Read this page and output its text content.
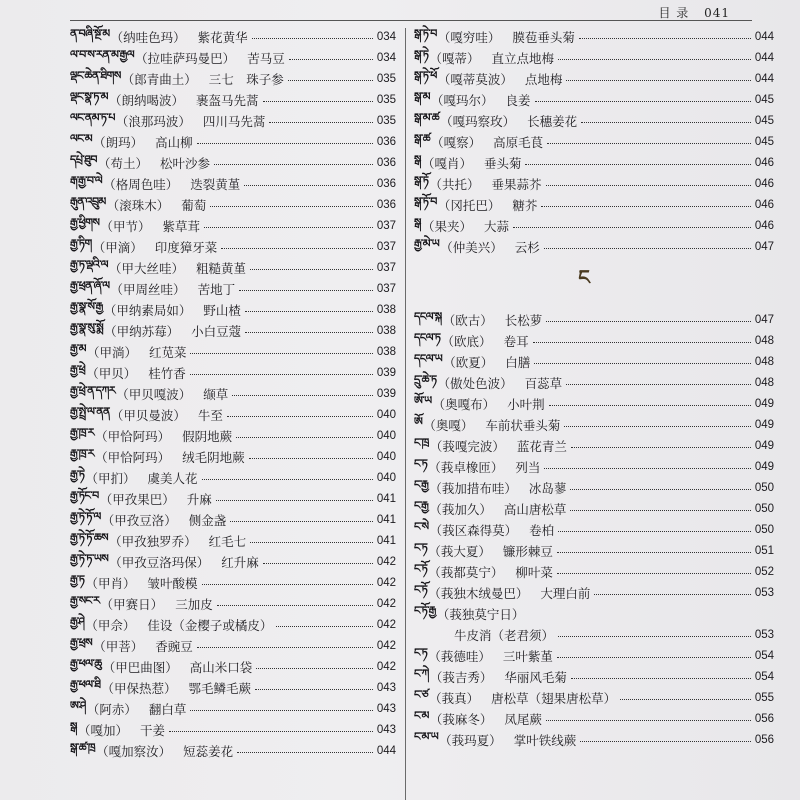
目 录 041
ན་བཞི་སྔོ་མ （纳哇色玛） 紫花黄华	034
ལ་བ་ས་རན་མ་རྒྱལ （拉哇萨玛曼巴） 苦马豆	034
ལྡང་ཆེན་ཐིགས （郎青曲土） 三七　珠子参	035
ལྡང་སྣ་ཏ་མ （朗纳喝波） 裹盔马先蒿	035
ལང་ནམ་ཏ་པ （浪那玛波） 四川马先蒿	035
ལང་མ （朗玛） 高山柳	036
དཔྲེ་ཐུབ （苟土） 松叶沙参	036
རྒ་རྒྱ་བ་ལེ （格周色哇） 迭裂黄堇	036
རྒུན་འབྲུམ （滚珠木） 葡萄	036
རྒྱ་ཕྱིགས （甲节） 紫草茸	037
རྒྱ་ཏིག （甲滴） 印度獐牙菜	037
རྒྱ་ཏ་ལྡའི་ལ （甲大丝哇） 粗糙黄堇	037
རྒྱ་ཕྲན་ཞོ་ལ （甲周丝哇） 苦地丁	037
རྒྱ་སྣ་སོ་རྒྱ （甲纳素局如） 野山楂	038
རྒྱ་སྣ་སུ་སྨོ （甲纳苏莓） 小白豆蔻	038
རྒྱ་མ （甲淌） 红苋菜	038
རྒྱ་ཕྲེ （甲贝） 桂竹香	039
རྒྱ་ཕྲེ་ན་དཀར （甲贝嘎波） 缬草	039
རྒྱ་སྤྲེ་ལ་ནན （甲贝曼波） 牛至	040
རྒྱ་ཁྲ་ར （甲恰阿玛） 假阴地蕨	040
རྒྱ་ཁྲ་ར （甲恰阿玛） 绒毛阴地蕨	040
རྒྱ་ཏེ （甲扪） 虞美人花	040
རྒྱ་ཏོང་བ （甲孜果巴） 升麻	041
རྒྱ་ཏེ་ཏོ་ལ （甲孜豆洛） 侧金盏	041
རྒྱ་ཏེ་ཏོ་ཆས （甲孜独罗乔） 红毛七	041
རྒྱ་ཏེ་ཏ་ཡས （甲孜豆洛玛保） 红升麻	042
རྒྱ་ཏ （甲肖） 皱叶酸模	042
རྒྱ་སང་ར （甲赛日） 三加皮	042
རྒྱ་ཤེ （甲佘） 佳设（金樱子或橘皮）	042
རྒྱ་ཕྲས （甲菩） 香豌豆	042
རྒྱ་ཕལ་ཆུ （甲巴曲图） 高山米口袋	042
རྒྱ་ཕལ་ཐི （甲保热惹） 鄂毛鳞毛蕨	043
ཨ་ཤེ （阿赤） 翻白草	043
སྒ （嘎加） 干姜	043
སྒ་ཚ་ཁྲ （嘎加察汝） 短蕊姜花	044
སྒ་ཏེ་བ （嘎穷哇） 膜苞垂头菊	044
སྒ་ཏེ （嘎蒂） 直立点地梅	044
སྒ་ཏེ་ཕོ （嘎蒂莫波） 点地梅	044
སྒ་མ （嘎玛尔） 良姜	045
སྒ་མ་ཚ （嘎玛察玫） 长穗姜花	045
སྒ་ཚ （嘎察） 高原毛茛	045
སྒ （嘎肖） 垂头菊	046
སྒ་ཏོ （共托） 垂果蒜芥	046
སྒ་ཏོ་བ （冈托巴） 糖芥	046
སྒ （果夹） 大蒜	046
རྒྱ་མེ་ཡ （仲美兴） 云杉	047
ང
དངལ་སྐ （欧古） 长松萝	047
དངལ་ཏ （欧底） 卷耳	048
དངལ་ཡ （欧夏） 白膳	048
དྲུ་ཆེ་ཏ （傲处色波） 百蕊草	048
ཨོ་ཡ （奥嘎布） 小叶荆	049
ཨོ （奥嘎） 车前状垂头菊	049
ང་ཁྲ （莪嘎完波） 蓝花青兰	049
ང་ཏ （莪卓橡匝） 列当	049
ང་རྒྱ （莪加措布哇） 冰岛蓼	050
ང་རྒྱ （莪加久） 高山唐松草	050
ང་སེ （莪区森得莫） 卷柏	050
ང་ཏ （莪大夏） 镰形棘豆	051
ང་ཏོ （莪都莫宁） 柳叶菜	052
ང་ཏོ （莪独木绒曼巴） 大理白前	053
ང་ཏོ་རྒྱ （莪独莫宁日）
牛皮消（老君须）	053
ང་ཏ （莪德哇） 三叶紫堇	054
ང་ཀེ （莪吉秀） 华丽风毛菊	054
ང་ཙ （莪真） 唐松草（翅果唐松草）	055
ང་མ （莪麻冬） 凤尾蕨	056
ང་མ་ཡ （莪玛夏） 掌叶铁线蕨	056
